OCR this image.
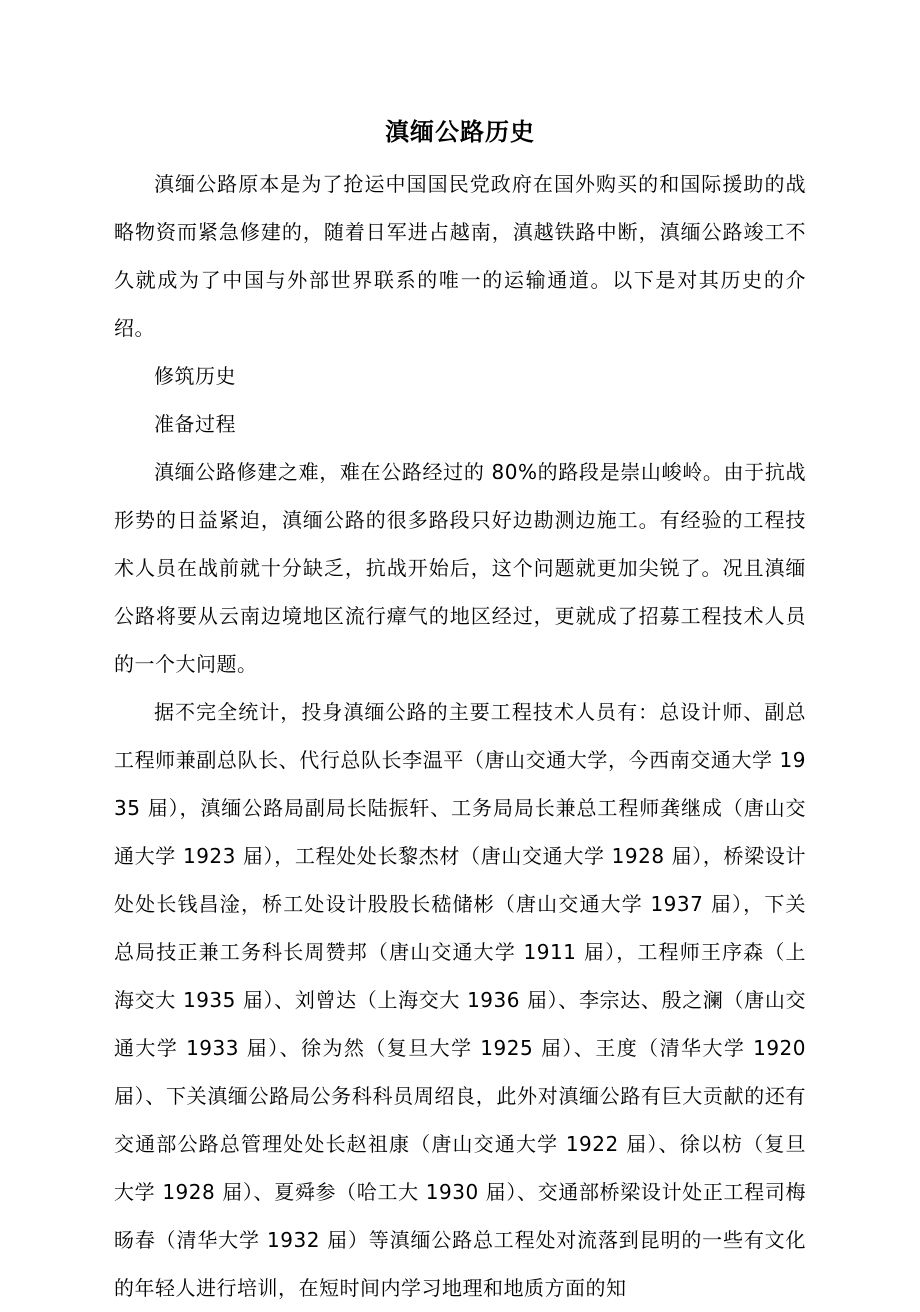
滇缅公路历史

滇缅公路原本是为了抢运中国国民党政府在国外购买的和国际援助的战略物资而紧急修建的，随着日军进占越南，滇越铁路中断，滇缅公路竣工不久就成为了中国与外部世界联系的唯一的运输通道。以下是对其历史的介绍。

修筑历史

准备过程

滇缅公路修建之难，难在公路经过的 80%的路段是崇山峻岭。由于抗战形势的日益紧迫，滇缅公路的很多路段只好边勘测边施工。有经验的工程技术人员在战前就十分缺乏，抗战开始后，这个问题就更加尖锐了。况且滇缅公路将要从云南边境地区流行瘴气的地区经过，更就成了招募工程技术人员的一个大问题。

据不完全统计，投身滇缅公路的主要工程技术人员有：总设计师、副总工程师兼副总队长、代行总队长李温平（唐山交通大学，今西南交通大学 1935 届），滇缅公路局副局长陆振轩、工务局局长兼总工程师龚继成（唐山交通大学 1923 届），工程处处长黎杰材（唐山交通大学 1928 届），桥梁设计处处长钱昌淦，桥工处设计股股长嵇储彬（唐山交通大学 1937 届），下关总局技正兼工务科长周赞邦（唐山交通大学 1911 届），工程师王序森（上海交大 1935 届）、刘曾达（上海交大 1936 届）、李宗达、殷之澜（唐山交通大学 1933 届）、徐为然（复旦大学 1925 届）、王度（清华大学 1920 届）、下关滇缅公路局公务科科员周绍良，此外对滇缅公路有巨大贡献的还有交通部公路总管理处处长赵祖康（唐山交通大学 1922 届）、徐以枋（复旦大学 1928 届）、夏舜参（哈工大 1930 届）、交通部桥梁设计处正工程司梅旸春（清华大学 1932 届）等滇缅公路总工程处对流落到昆明的一些有文化的年轻人进行培训，在短时间内学习地理和地质方面的知
